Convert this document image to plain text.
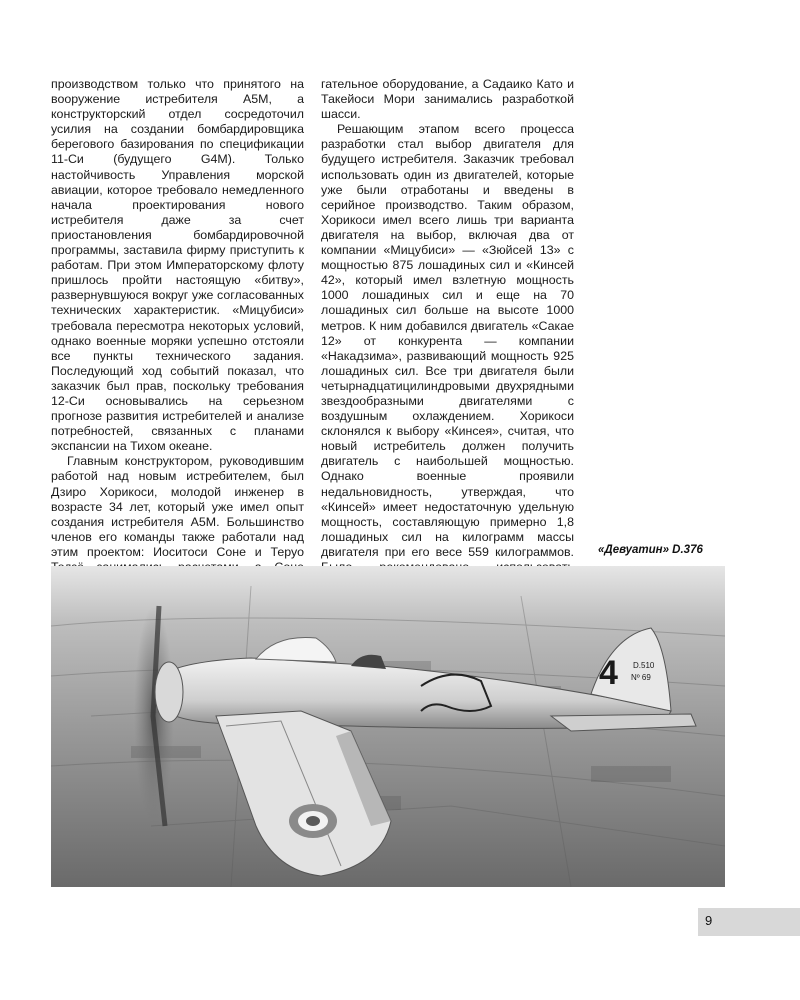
производством только что принятого на вооружение истребителя A5M, а конструкторский отдел сосредоточил усилия на создании бомбардировщика берегового базирования по спецификации 11-Си (будущего G4M). Только настойчивость Управления морской авиации, которое требовало немедленного начала проектирования нового истребителя даже за счет приостановления бомбардировочной программы, заставила фирму приступить к работам. При этом Императорскому флоту пришлось пройти настоящую «битву», развернувшуюся вокруг уже согласованных технических характеристик. «Мицубиси» требовала пересмотра некоторых условий, однако военные моряки успешно отстояли все пункты технического задания. Последующий ход событий показал, что заказчик был прав, поскольку требования 12-Си основывались на серьезном прогнозе развития истребителей и анализе потребностей, связанных с планами экспансии на Тихом океане.

Главным конструктором, руководившим работой над новым истребителем, был Дзиро Хорикоси, молодой инженер в возрасте 34 лет, который уже имел опыт создания истребителя A5M. Большинство членов его команды также работали над этим проектом: Иоситоси Соне и Теруо

гательное оборудование, а Садаико Като и Такейоси Мори занимались разработкой шасси.

Решающим этапом всего процесса разработки стал выбор двигателя для будущего истребителя. Заказчик требовал использовать один из двигателей, которые уже были отработаны и введены в серийное производство. Таким образом, Хорикоси имел всего лишь три варианта двигателя на выбор, включая два от компании «Мицубиси» — «Зюйсей 13» с мощностью 875 лошадиных сил и «Кинсей 42», который имел взлетную мощность 1000 лошадиных сил и еще на 70 лошадиных сил больше на высоте 1000 метров. К ним добавился двигатель «Сакае 12» от конкурента — компании «Накадзима», развивающий мощность 925 лошадиных сил. Все три двигателя были четырнадцатицилиндровыми двухрядными звездообразными двигателями с воздушным охлаждением. Хорикоси склонялся к выбору «Кинсея», считая, что новый истребитель должен получить двигатель с наибольшей мощностью. Однако военные проявили недальновидность, утверждая, что «Кинсей» имеет недостаточную удельную мощность, составляющую примерно 1,8 лошадиных сил на килограмм массы двигателя при его весе 559 килограммов. «Девуатин» D.376
4 D.510
Nº 69
9
